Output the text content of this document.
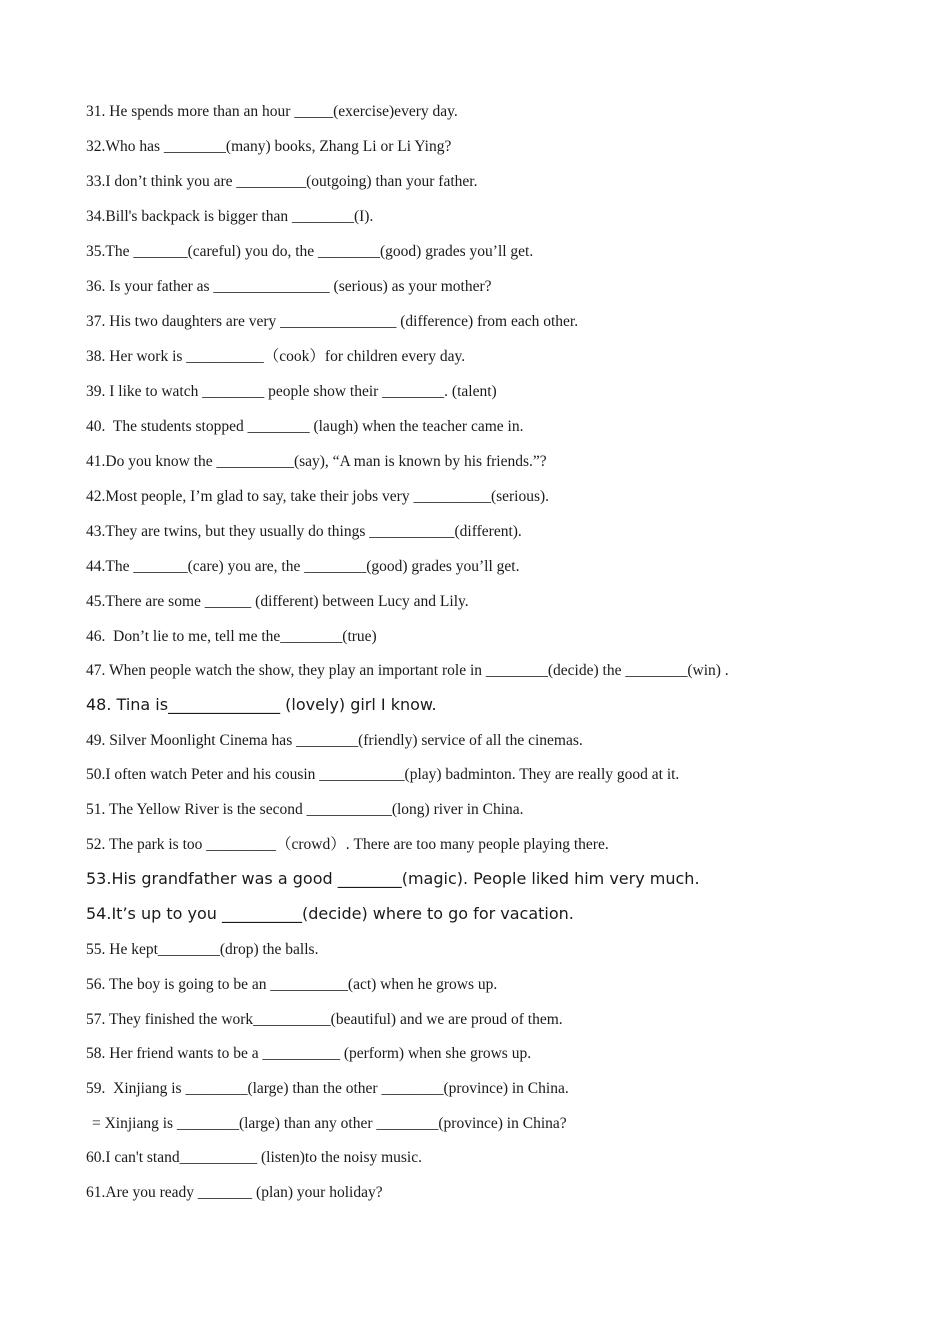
31. He spends more than an hour _____(exercise)every day.
32.Who has ________(many) books, Zhang Li or Li Ying?
33.I don’t think you are _________(outgoing) than your father.
34.Bill's backpack is bigger than ________(I).
35.The _______(careful) you do, the ________(good) grades you’ll get.
36. Is your father as _______________ (serious) as your mother?
37. His two daughters are very _______________ (difference) from each other.
38. Her work is __________（cook）for children every day.
39. I like to watch ________ people show their ________. (talent)
40.  The students stopped ________ (laugh) when the teacher came in.
41.Do you know the __________(say), “A man is known by his friends.”?
42.Most people, I’m glad to say, take their jobs very __________(serious).
43.They are twins, but they usually do things ___________(different).
44.The _______(care) you are, the ________(good) grades you’ll get.
45.There are some ______ (different) between Lucy and Lily.
46.  Don’t lie to me, tell me the________(true)
47. When people watch the show, they play an important role in ________(decide) the ________(win) .
48. Tina is______________ (lovely) girl I know.
49. Silver Moonlight Cinema has ________(friendly) service of all the cinemas.
50.I often watch Peter and his cousin ___________(play) badminton. They are really good at it.
51. The Yellow River is the second ___________(long) river in China.
52. The park is too _________（crowd）. There are too many people playing there.
53.His grandfather was a good ________(magic). People liked him very much.
54.It’s up to you __________(decide) where to go for vacation.
55. He kept________(drop) the balls.
56. The boy is going to be an __________(act) when he grows up.
57. They finished the work__________(beautiful) and we are proud of them.
58. Her friend wants to be a __________ (perform) when she grows up.
59.  Xinjiang is ________(large) than the other ________(province) in China.
= Xinjiang is ________(large) than any other ________(province) in China?
60.I can't stand__________ (listen)to the noisy music.
61.Are you ready _______ (plan) your holiday?
